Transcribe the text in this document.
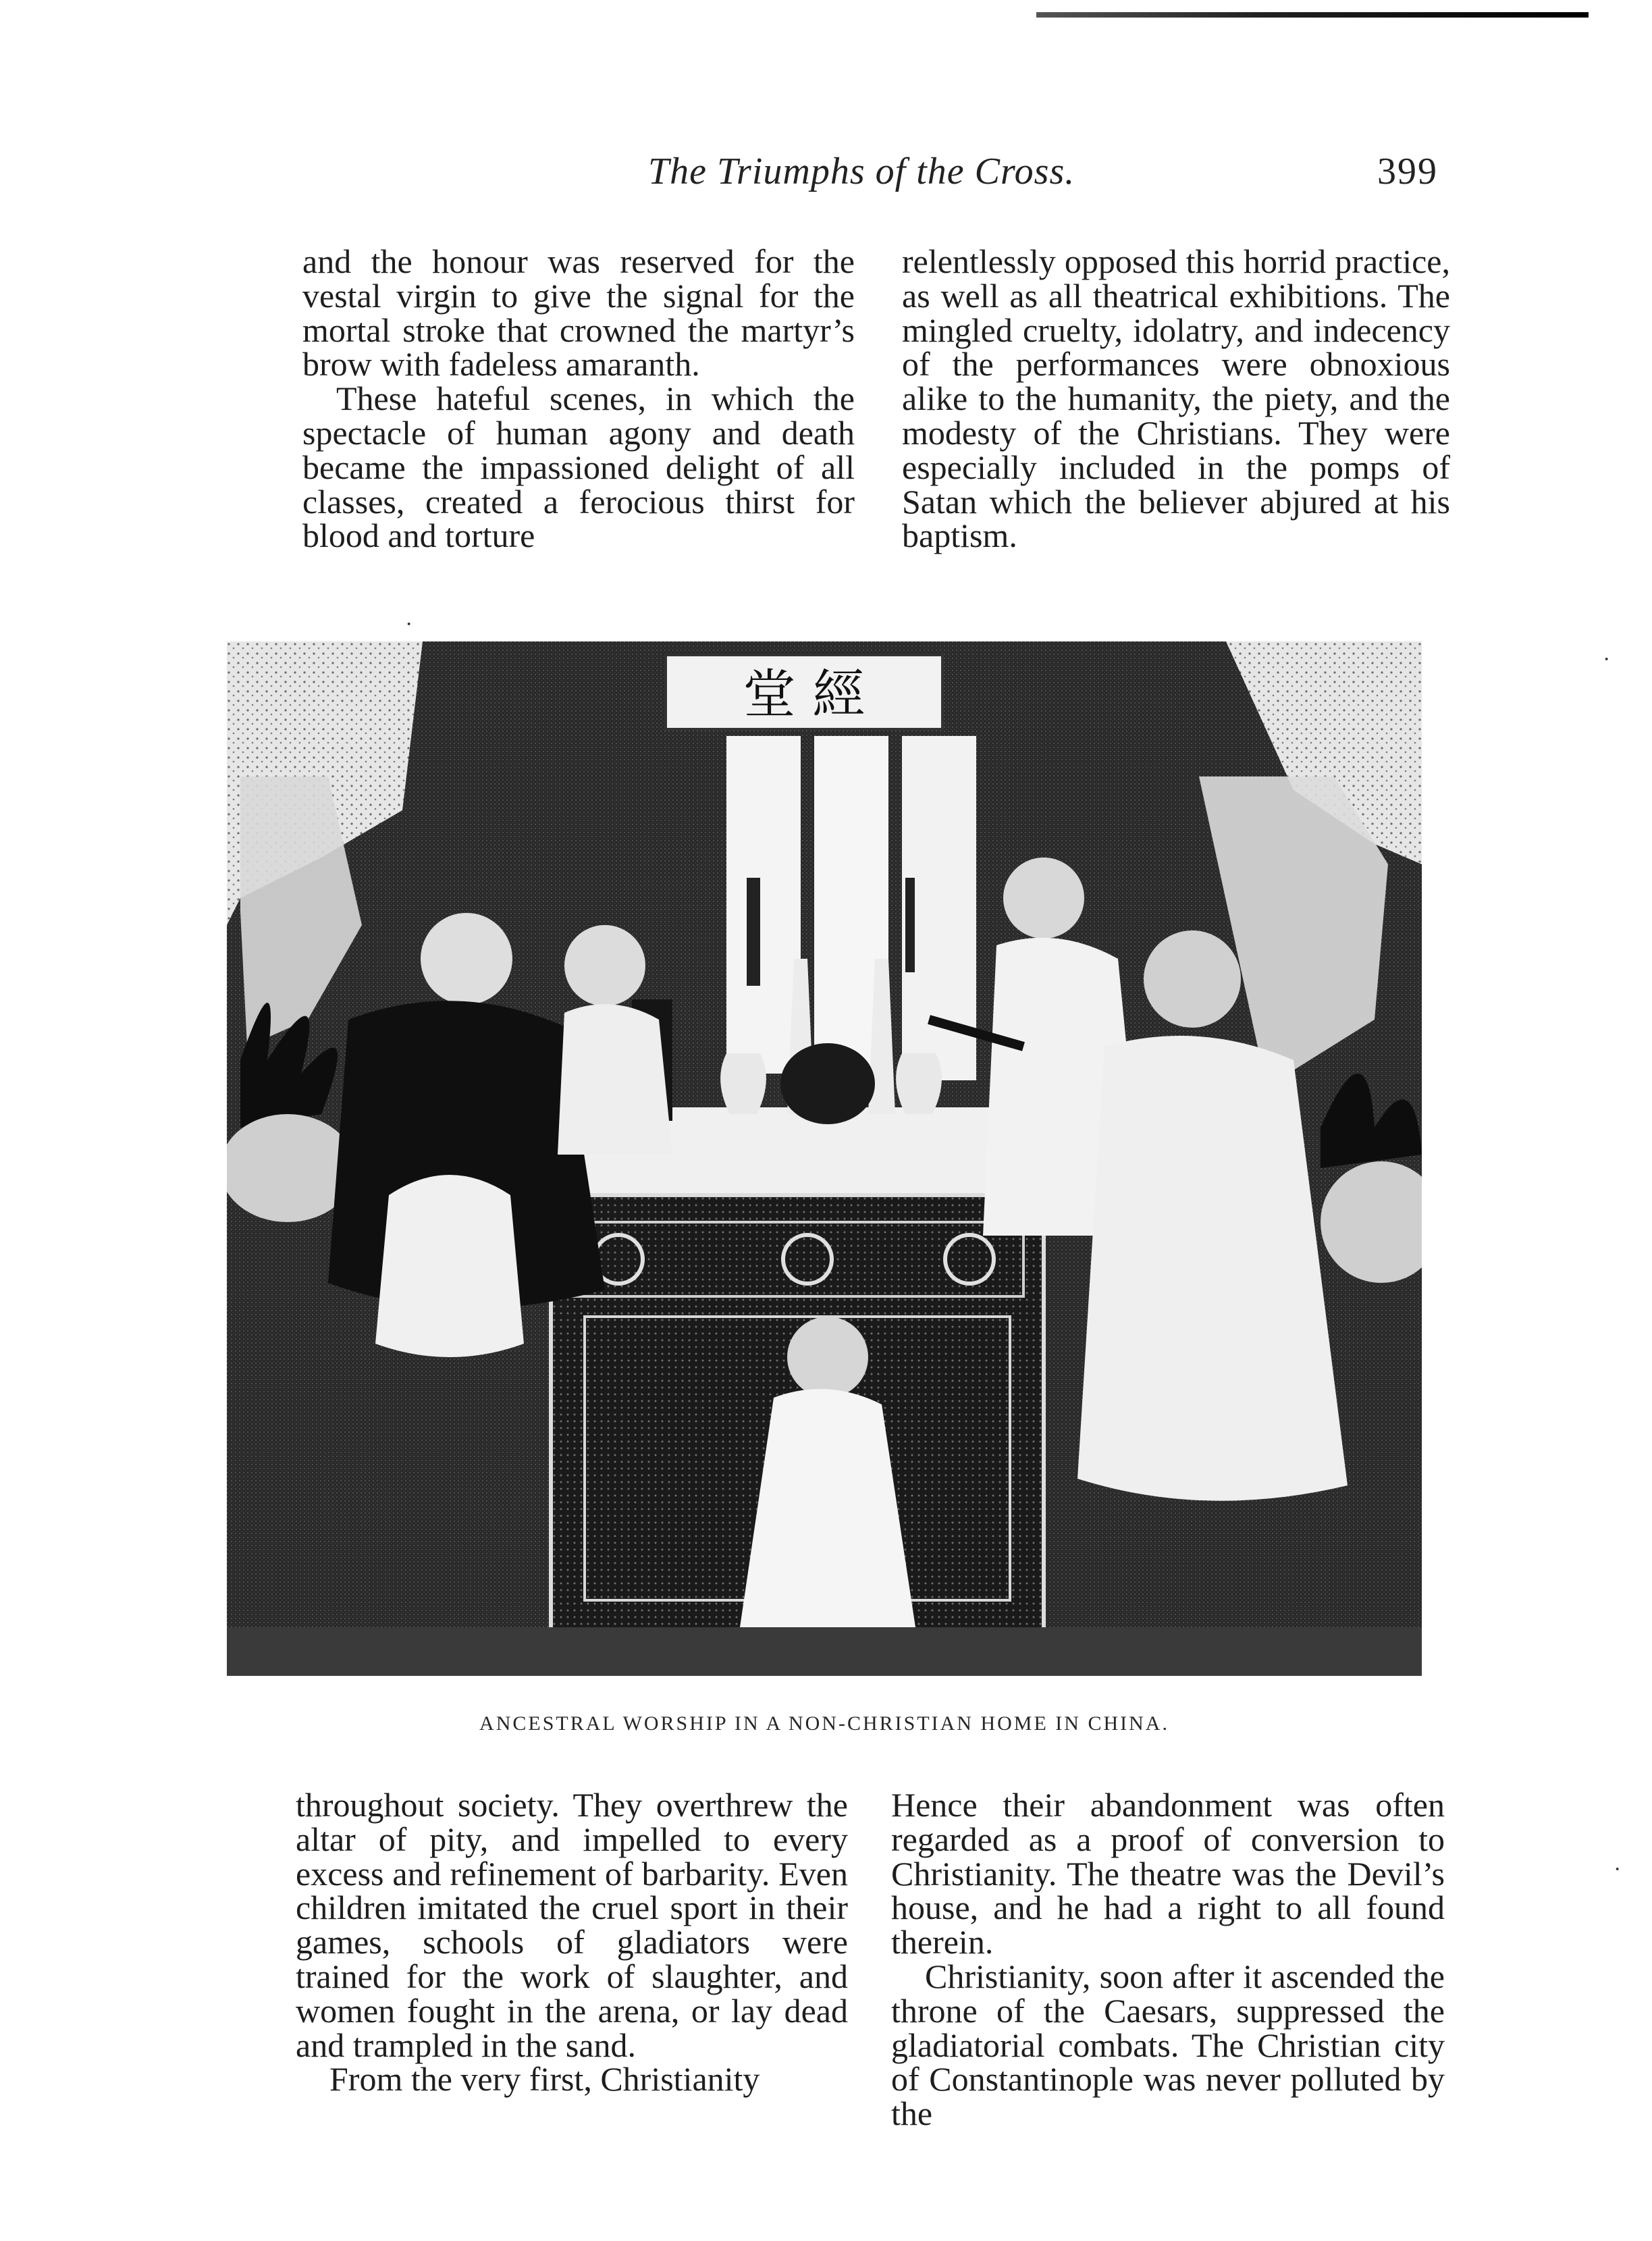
The Triumphs of the Cross.	399

and the honour was reserved for the vestal virgin to give the signal for the mortal stroke that crowned the martyr’s brow with fadeless amaranth.

These hateful scenes, in which the spectacle of human agony and death became the impassioned delight of all classes, created a ferocious thirst for blood and torture

relentlessly opposed this horrid practice, as well as all theatrical exhibitions. The mingled cruelty, idolatry, and indecency of the performances were obnoxious alike to the humanity, the piety, and the modesty of the Christians. They were especially included in the pomps of Satan which the believer abjured at his baptism.

·
堂 經
ANCESTRAL WORSHIP IN A NON-CHRISTIAN HOME IN CHINA.

throughout society. They overthrew the altar of pity, and impelled to every excess and refinement of barbarity. Even children imitated the cruel sport in their games, schools of gladiators were trained for the work of slaughter, and women fought in the arena, or lay dead and trampled in the sand.

From the very first, Christianity

Hence their abandonment was often regarded as a proof of conversion to Christianity. The theatre was the Devil’s house, and he had a right to all found therein.

Christianity, soon after it ascended the throne of the Caesars, suppressed the gladiatorial combats. The Christian city of Constantinople was never polluted by the

·
·
